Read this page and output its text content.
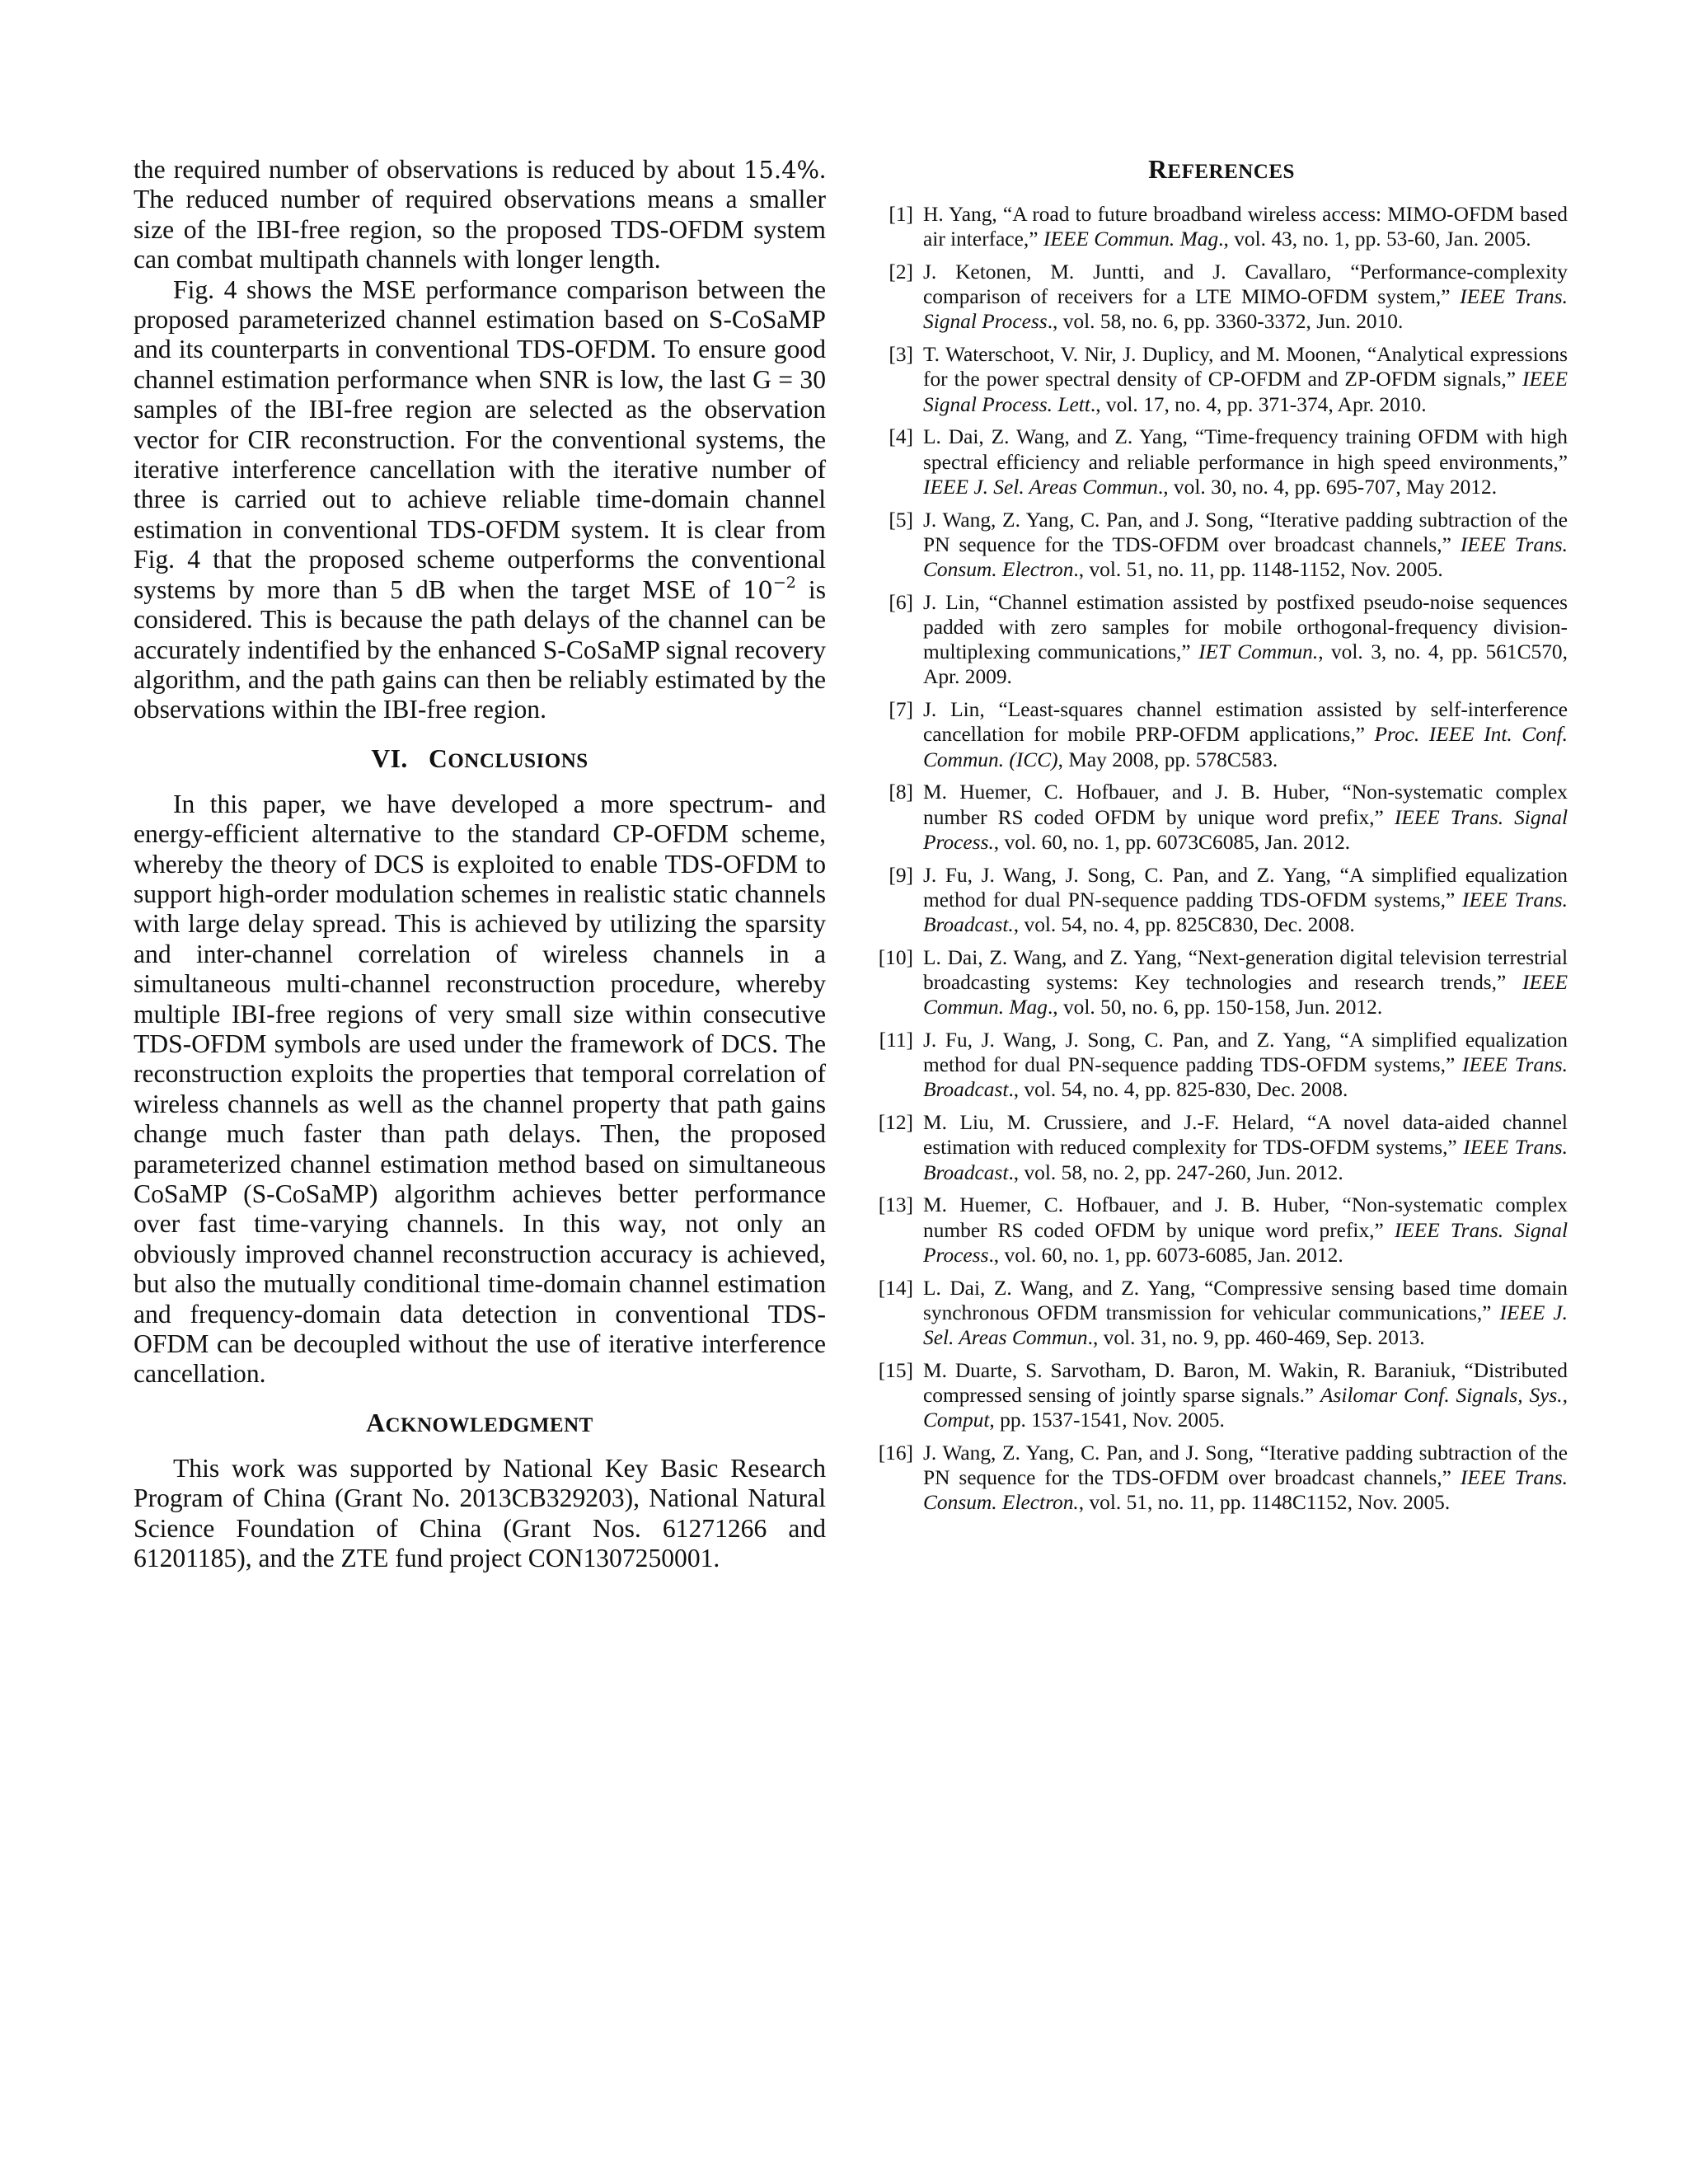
the required number of observations is reduced by about 15.4%. The reduced number of required observations means a smaller size of the IBI-free region, so the proposed TDS-OFDM system can combat multipath channels with longer length.

Fig. 4 shows the MSE performance comparison between the proposed parameterized channel estimation based on S-CoSaMP and its counterparts in conventional TDS-OFDM. To ensure good channel estimation performance when SNR is low, the last G = 30 samples of the IBI-free region are selected as the observation vector for CIR reconstruction. For the conventional systems, the iterative interference cancellation with the iterative number of three is carried out to achieve reliable time-domain channel estimation in conventional TDS-OFDM system. It is clear from Fig. 4 that the proposed scheme outperforms the conventional systems by more than 5 dB when the target MSE of $10^{-2}$ is considered. This is because the path delays of the channel can be accurately indentified by the enhanced S-CoSaMP signal recovery algorithm, and the path gains can then be reliably estimated by the observations within the IBI-free region.

VI. CONCLUSIONS

In this paper, we have developed a more spectrum- and energy-efficient alternative to the standard CP-OFDM scheme, whereby the theory of DCS is exploited to enable TDS-OFDM to support high-order modulation schemes in realistic static channels with large delay spread. This is achieved by utilizing the sparsity and inter-channel correlation of wireless channels in a simultaneous multi-channel reconstruction procedure, whereby multiple IBI-free regions of very small size within consecutive TDS-OFDM symbols are used under the framework of DCS. The reconstruction exploits the properties that temporal correlation of wireless channels as well as the channel property that path gains change much faster than path delays. Then, the proposed parameterized channel estimation method based on simultaneous CoSaMP (S-CoSaMP) algorithm achieves better performance over fast time-varying channels. In this way, not only an obviously improved channel reconstruction accuracy is achieved, but also the mutually conditional time-domain channel estimation and frequency-domain data detection in conventional TDS-OFDM can be decoupled without the use of iterative interference cancellation.

ACKNOWLEDGMENT

This work was supported by National Key Basic Research Program of China (Grant No. 2013CB329203), National Natural Science Foundation of China (Grant Nos. 61271266 and 61201185), and the ZTE fund project CON1307250001.

REFERENCES
[1] H. Yang, “A road to future broadband wireless access: MIMO-OFDM based air interface,” IEEE Commun. Mag., vol. 43, no. 1, pp. 53-60, Jan. 2005.
[2] J. Ketonen, M. Juntti, and J. Cavallaro, “Performance-complexity comparison of receivers for a LTE MIMO-OFDM system,” IEEE Trans. Signal Process., vol. 58, no. 6, pp. 3360-3372, Jun. 2010.
[3] T. Waterschoot, V. Nir, J. Duplicy, and M. Moonen, “Analytical expressions for the power spectral density of CP-OFDM and ZP-OFDM signals,” IEEE Signal Process. Lett., vol. 17, no. 4, pp. 371-374, Apr. 2010.
[4] L. Dai, Z. Wang, and Z. Yang, “Time-frequency training OFDM with high spectral efficiency and reliable performance in high speed environments,” IEEE J. Sel. Areas Commun., vol. 30, no. 4, pp. 695-707, May 2012.
[5] J. Wang, Z. Yang, C. Pan, and J. Song, “Iterative padding subtraction of the PN sequence for the TDS-OFDM over broadcast channels,” IEEE Trans. Consum. Electron., vol. 51, no. 11, pp. 1148-1152, Nov. 2005.
[6] J. Lin, “Channel estimation assisted by postfixed pseudo-noise sequences padded with zero samples for mobile orthogonal-frequency division- multiplexing communications,” IET Commun., vol. 3, no. 4, pp. 561C570, Apr. 2009.
[7] J. Lin, “Least-squares channel estimation assisted by self-interference cancellation for mobile PRP-OFDM applications,” Proc. IEEE Int. Conf. Commun. (ICC), May 2008, pp. 578C583.
[8] M. Huemer, C. Hofbauer, and J. B. Huber, “Non-systematic complex number RS coded OFDM by unique word prefix,” IEEE Trans. Signal Process., vol. 60, no. 1, pp. 6073C6085, Jan. 2012.
[9] J. Fu, J. Wang, J. Song, C. Pan, and Z. Yang, “A simplified equalization method for dual PN-sequence padding TDS-OFDM systems,” IEEE Trans. Broadcast., vol. 54, no. 4, pp. 825C830, Dec. 2008.
[10] L. Dai, Z. Wang, and Z. Yang, “Next-generation digital television terrestrial broadcasting systems: Key technologies and research trends,” IEEE Commun. Mag., vol. 50, no. 6, pp. 150-158, Jun. 2012.
[11] J. Fu, J. Wang, J. Song, C. Pan, and Z. Yang, “A simplified equalization method for dual PN-sequence padding TDS-OFDM systems,” IEEE Trans. Broadcast., vol. 54, no. 4, pp. 825-830, Dec. 2008.
[12] M. Liu, M. Crussiere, and J.-F. Helard, “A novel data-aided channel estimation with reduced complexity for TDS-OFDM systems,” IEEE Trans. Broadcast., vol. 58, no. 2, pp. 247-260, Jun. 2012.
[13] M. Huemer, C. Hofbauer, and J. B. Huber, “Non-systematic complex number RS coded OFDM by unique word prefix,” IEEE Trans. Signal Process., vol. 60, no. 1, pp. 6073-6085, Jan. 2012.
[14] L. Dai, Z. Wang, and Z. Yang, “Compressive sensing based time domain synchronous OFDM transmission for vehicular communications,” IEEE J. Sel. Areas Commun., vol. 31, no. 9, pp. 460-469, Sep. 2013.
[15] M. Duarte, S. Sarvotham, D. Baron, M. Wakin, R. Baraniuk, “Distributed compressed sensing of jointly sparse signals.” Asilomar Conf. Signals, Sys., Comput, pp. 1537-1541, Nov. 2005.
[16] J. Wang, Z. Yang, C. Pan, and J. Song, “Iterative padding subtraction of the PN sequence for the TDS-OFDM over broadcast channels,” IEEE Trans. Consum. Electron., vol. 51, no. 11, pp. 1148C1152, Nov. 2005.
